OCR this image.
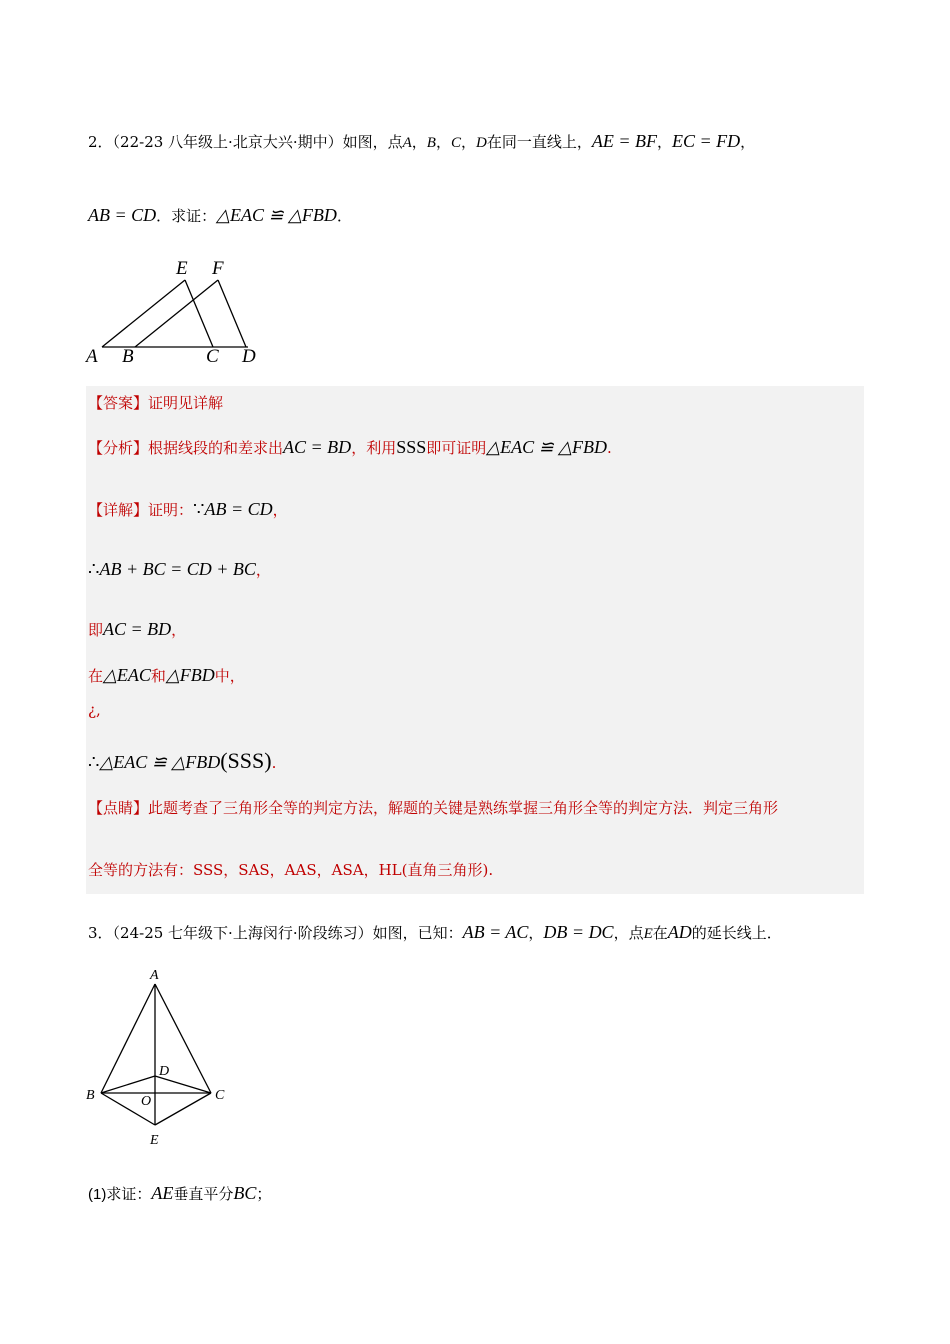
2．（22-23 八年级上·北京大兴·期中）如图，点A，B，C，D在同一直线上，AE = BF，EC = FD，
AB = CD．求证：△EAC ≌ △FBD．
E F
A B	C D
【答案】证明见详解
【分析】根据线段的和差求出AC = BD，利用SSS即可证明△EAC ≌ △FBD.
【详解】证明：∵AB = CD，
∴AB + BC = CD + BC，
即AC = BD，
在△EAC和△FBD中，
¿,
∴△EAC ≌ △FBD(SSS).
【点睛】此题考查了三角形全等的判定方法，解题的关键是熟练掌握三角形全等的判定方法．判定三角形
全等的方法有：SSS，SAS，AAS，ASA，HL(直角三角形).
3．（24-25 七年级下·上海闵行·阶段练习）如图，已知：AB = AC，DB = DC，点E在AD的延长线上．
A
B	C
D
O
E
(1)求证：AE垂直平分BC；
